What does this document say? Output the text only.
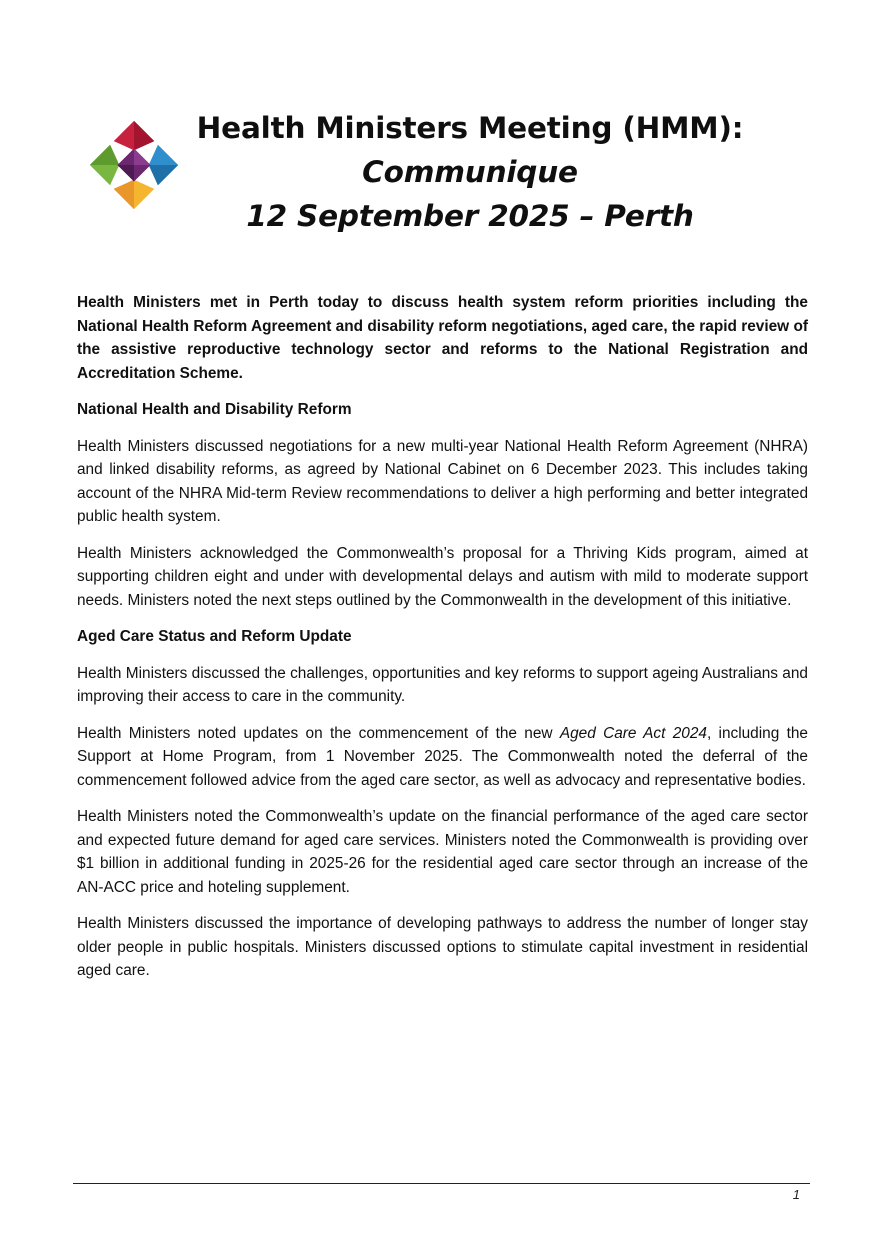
Health Ministers Meeting (HMM):
Communique
12 September 2025 – Perth

Health Ministers met in Perth today to discuss health system reform priorities including the National Health Reform Agreement and disability reform negotiations, aged care, the rapid review of the assistive reproductive technology sector and reforms to the National Registration and Accreditation Scheme.

National Health and Disability Reform

Health Ministers discussed negotiations for a new multi-year National Health Reform Agreement (NHRA) and linked disability reforms, as agreed by National Cabinet on 6 December 2023. This includes taking account of the NHRA Mid-term Review recommendations to deliver a high performing and better integrated public health system.

Health Ministers acknowledged the Commonwealth’s proposal for a Thriving Kids program, aimed at supporting children eight and under with developmental delays and autism with mild to moderate support needs. Ministers noted the next steps outlined by the Commonwealth in the development of this initiative.

Aged Care Status and Reform Update

Health Ministers discussed the challenges, opportunities and key reforms to support ageing Australians and improving their access to care in the community.

Health Ministers noted updates on the commencement of the new Aged Care Act 2024, including the Support at Home Program, from 1 November 2025. The Commonwealth noted the deferral of the commencement followed advice from the aged care sector, as well as advocacy and representative bodies.

Health Ministers noted the Commonwealth’s update on the financial performance of the aged care sector and expected future demand for aged care services. Ministers noted the Commonwealth is providing over $1 billion in additional funding in 2025-26 for the residential aged care sector through an increase of the AN-ACC price and hoteling supplement.

Health Ministers discussed the importance of developing pathways to address the number of longer stay older people in public hospitals. Ministers discussed options to stimulate capital investment in residential aged care.

1
